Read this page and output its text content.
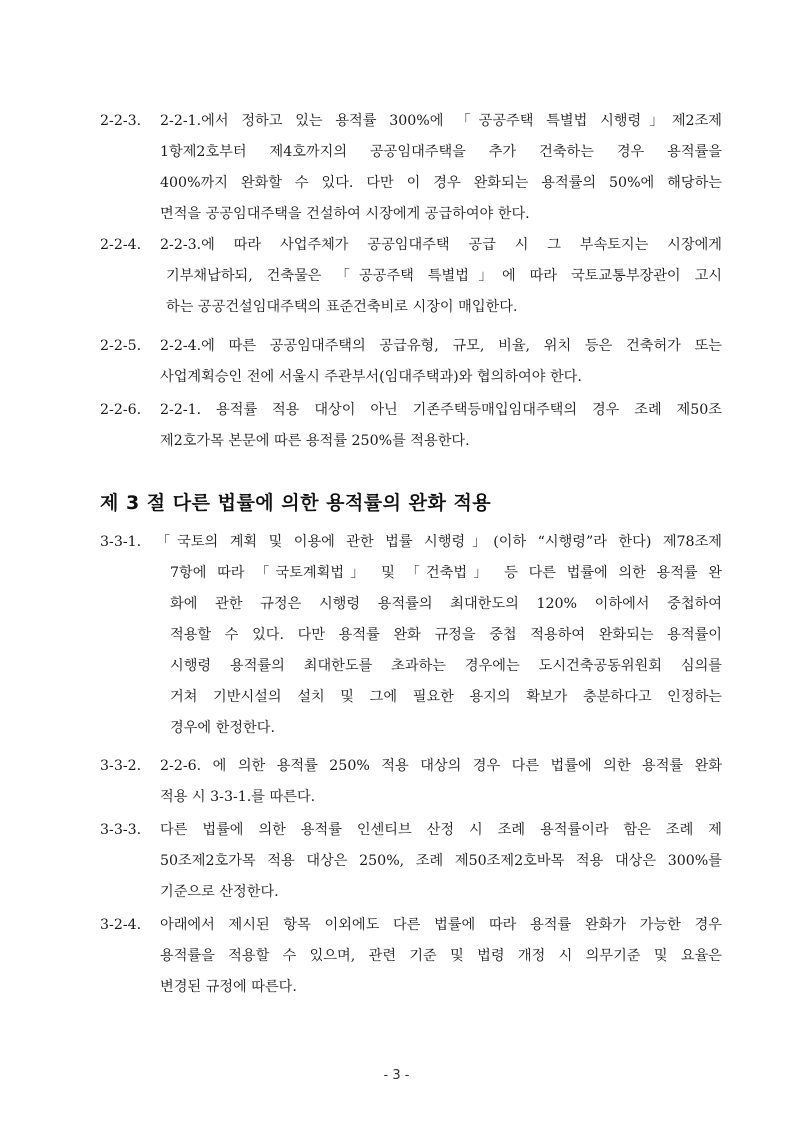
2-2-3. 2-2-1.에서 정하고 있는 용적률 300%에 「공공주택 특별법 시행령」제2조제
1항제2호부터 제4호까지의 공공임대주택을 추가 건축하는 경우 용적률을
400%까지 완화할 수 있다. 다만 이 경우 완화되는 용적률의 50%에 해당하는
면적을 공공임대주택을 건설하여 시장에게 공급하여야 한다.
2-2-4. 2-2-3.에 따라 사업주체가 공공임대주택 공급 시 그 부속토지는 시장에게
기부채납하되, 건축물은 「공공주택 특별법」에 따라 국토교통부장관이 고시
하는 공공건설임대주택의 표준건축비로 시장이 매입한다.
2-2-5. 2-2-4.에 따른 공공임대주택의 공급유형, 규모, 비율, 위치 등은 건축허가 또는
사업계획승인 전에 서울시 주관부서(임대주택과)와 협의하여야 한다.
2-2-6. 2-2-1. 용적률 적용 대상이 아닌 기존주택등매입임대주택의 경우 조례 제50조
제2호가목 본문에 따른 용적률 250%를 적용한다.
제 3 절 다른 법률에 의한 용적률의 완화 적용
3-3-1. 「국토의 계획 및 이용에 관한 법률 시행령」(이하 “시행령”라 한다) 제78조제
7항에 따라 「국토계획법」 및 「건축법」 등 다른 법률에 의한 용적률 완
화에 관한 규정은 시행령 용적률의 최대한도의 120% 이하에서 중첩하여
적용할 수 있다. 다만 용적률 완화 규정을 중첩 적용하여 완화되는 용적률이
시행령 용적률의 최대한도를 초과하는 경우에는 도시건축공동위원회 심의를
거쳐 기반시설의 설치 및 그에 필요한 용지의 확보가 충분하다고 인정하는
경우에 한정한다.
3-3-2. 2-2-6. 에 의한 용적률 250% 적용 대상의 경우 다른 법률에 의한 용적률 완화
적용 시 3-3-1.를 따른다.
3-3-3. 다른 법률에 의한 용적률 인센티브 산정 시 조례 용적률이라 함은 조례 제
50조제2호가목 적용 대상은 250%, 조례 제50조제2호바목 적용 대상은 300%를
기준으로 산정한다.
3-2-4. 아래에서 제시된 항목 이외에도 다른 법률에 따라 용적률 완화가 가능한 경우
용적률을 적용할 수 있으며, 관련 기준 및 법령 개정 시 의무기준 및 요율은
변경된 규정에 따른다.
- 3 -
